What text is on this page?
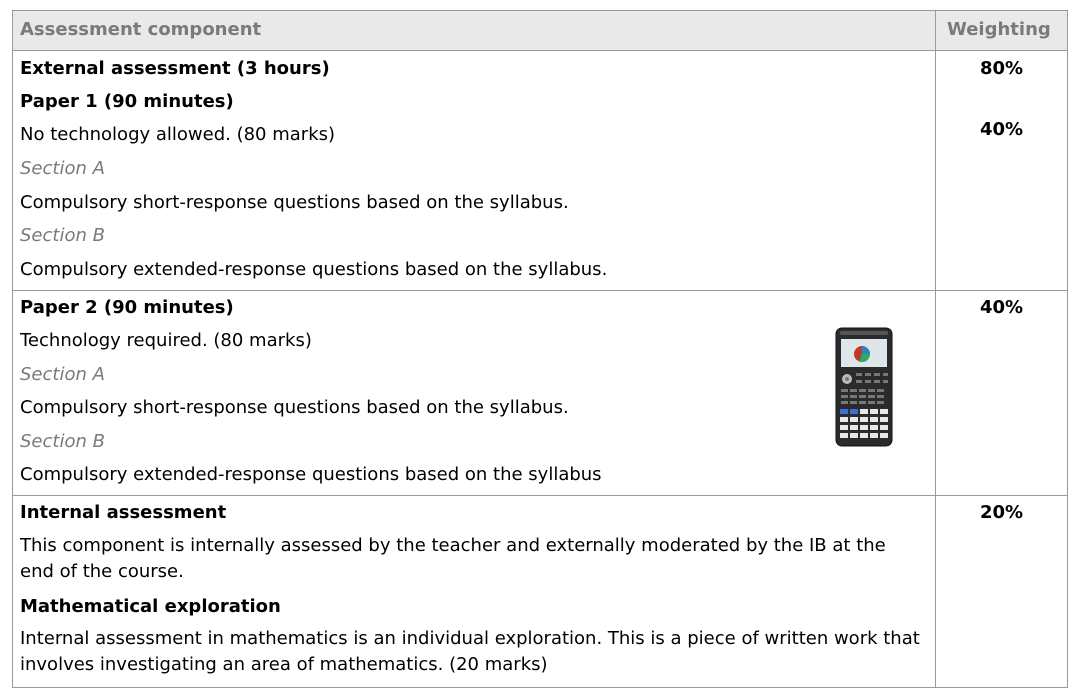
Assessment component	Weighting
External assessment (3 hours)
Paper 1 (90 minutes)
No technology allowed. (80 marks)
Section A
Compulsory short-response questions based on the syllabus.
Section B
Compulsory extended-response questions based on the syllabus.
80%
40%
Paper 2 (90 minutes)
Technology required. (80 marks)
Section A
Compulsory short-response questions based on the syllabus.
Section B
Compulsory extended-response questions based on the syllabus
40%
Internal assessment
This component is internally assessed by the teacher and externally moderated by the IB at the end of the course.
Mathematical exploration
Internal assessment in mathematics is an individual exploration. This is a piece of written work that involves investigating an area of mathematics. (20 marks)
20%
